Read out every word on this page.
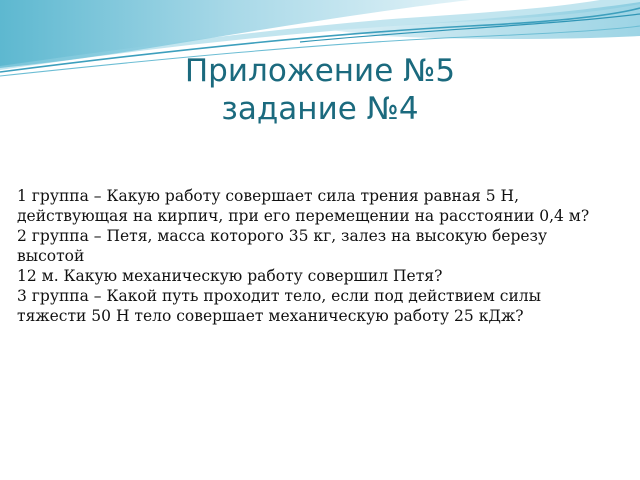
Приложение №5
задание №4
1 группа – Какую работу совершает сила трения равная 5 Н,
действующая на кирпич, при его перемещении на расстоянии 0,4 м?
2 группа – Петя, масса которого 35 кг, залез на высокую березу
высотой
12 м. Какую механическую работу совершил Петя?
3 группа – Какой путь проходит тело, если под действием силы
тяжести 50 Н тело совершает механическую работу 25 кДж?
